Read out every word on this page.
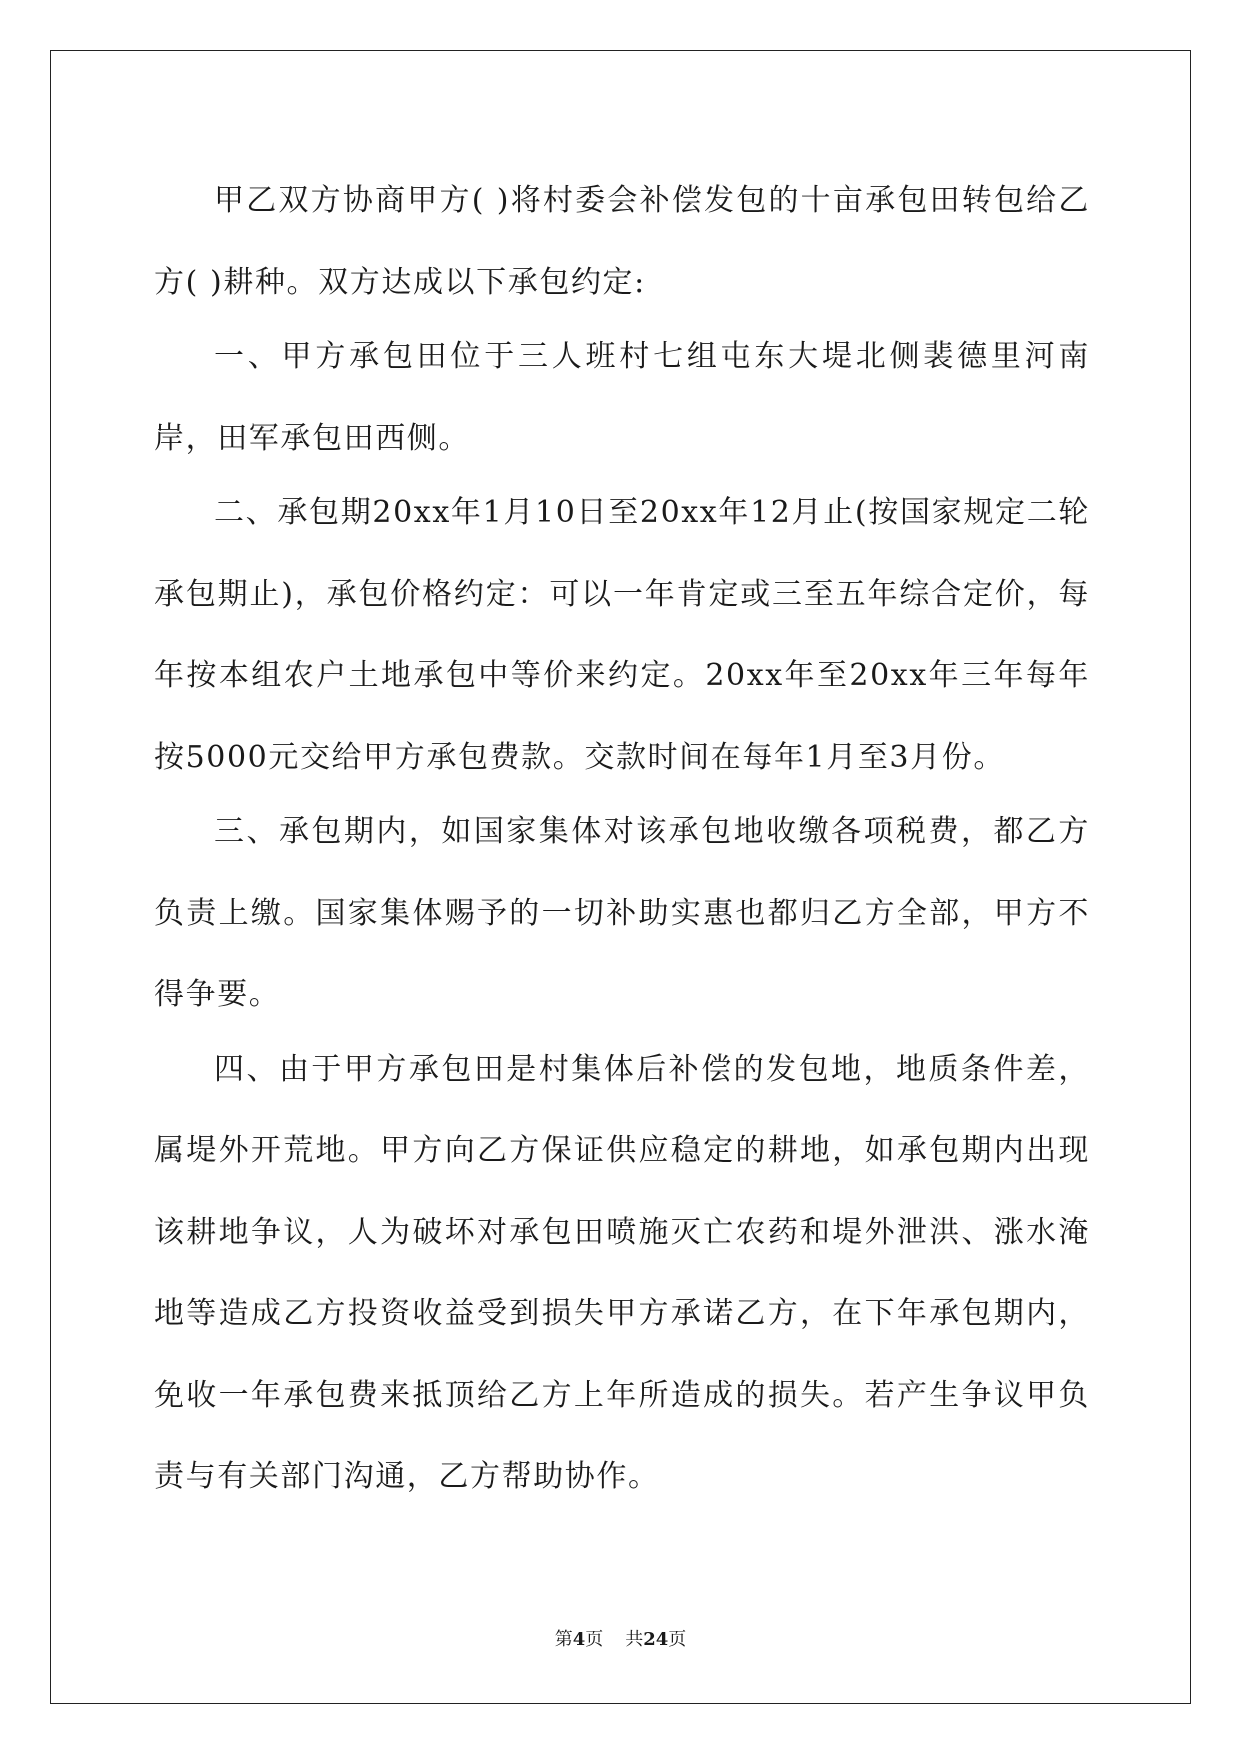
甲乙双方协商甲方( )将村委会补偿发包的十亩承包田转包给乙方( )耕种。双方达成以下承包约定:

一、甲方承包田位于三人班村七组屯东大堤北侧裴德里河南岸，田军承包田西侧。

二、承包期20xx年1月10日至20xx年12月止(按国家规定二轮承包期止)，承包价格约定：可以一年肯定或三至五年综合定价，每年按本组农户土地承包中等价来约定。20xx年至20xx年三年每年按5000元交给甲方承包费款。交款时间在每年1月至3月份。

三、承包期内，如国家集体对该承包地收缴各项税费，都乙方负责上缴。国家集体赐予的一切补助实惠也都归乙方全部，甲方不得争要。

四、由于甲方承包田是村集体后补偿的发包地，地质条件差，属堤外开荒地。甲方向乙方保证供应稳定的耕地，如承包期内出现该耕地争议，人为破坏对承包田喷施灭亡农药和堤外泄洪、涨水淹地等造成乙方投资收益受到损失甲方承诺乙方，在下年承包期内，免收一年承包费来抵顶给乙方上年所造成的损失。若产生争议甲负责与有关部门沟通，乙方帮助协作。

第4页 共24页
